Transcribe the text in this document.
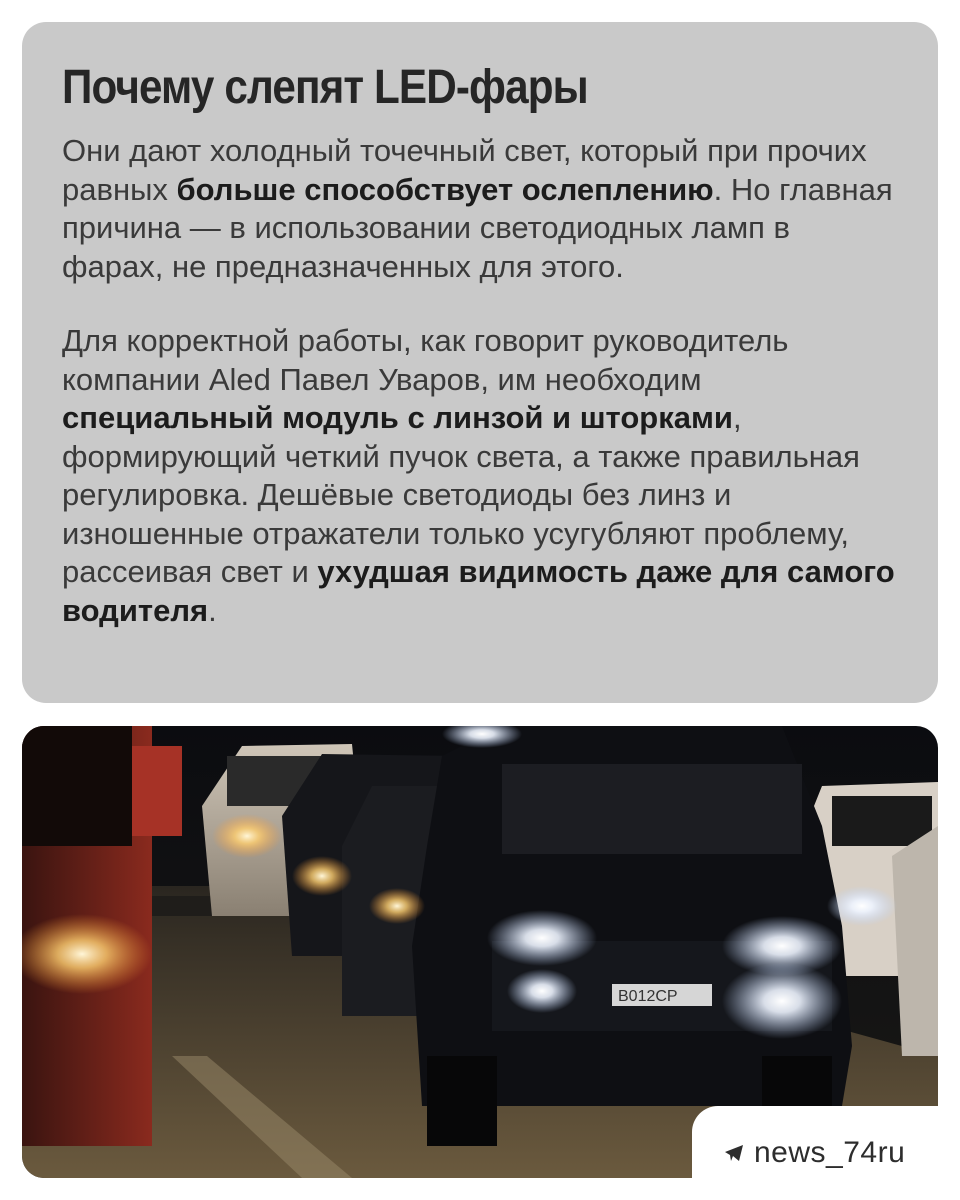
Почему слепят LED-фары

Они дают холодный точечный свет, который при прочих равных больше способствует ослеплению. Но главная причина — в использовании светодиодных ламп в фарах, не предназначенных для этого.

Для корректной работы, как говорит руководитель компании Aled Павел Уваров, им необходим специальный модуль с линзой и шторками, формирующий четкий пучок света, а также правильная регулировка. Дешёвые светодиоды без линз и изношенные отражатели только усугубляют проблему, рассеивая свет и ухудшая видимость даже для самого водителя.

В012СР
news_74ru
